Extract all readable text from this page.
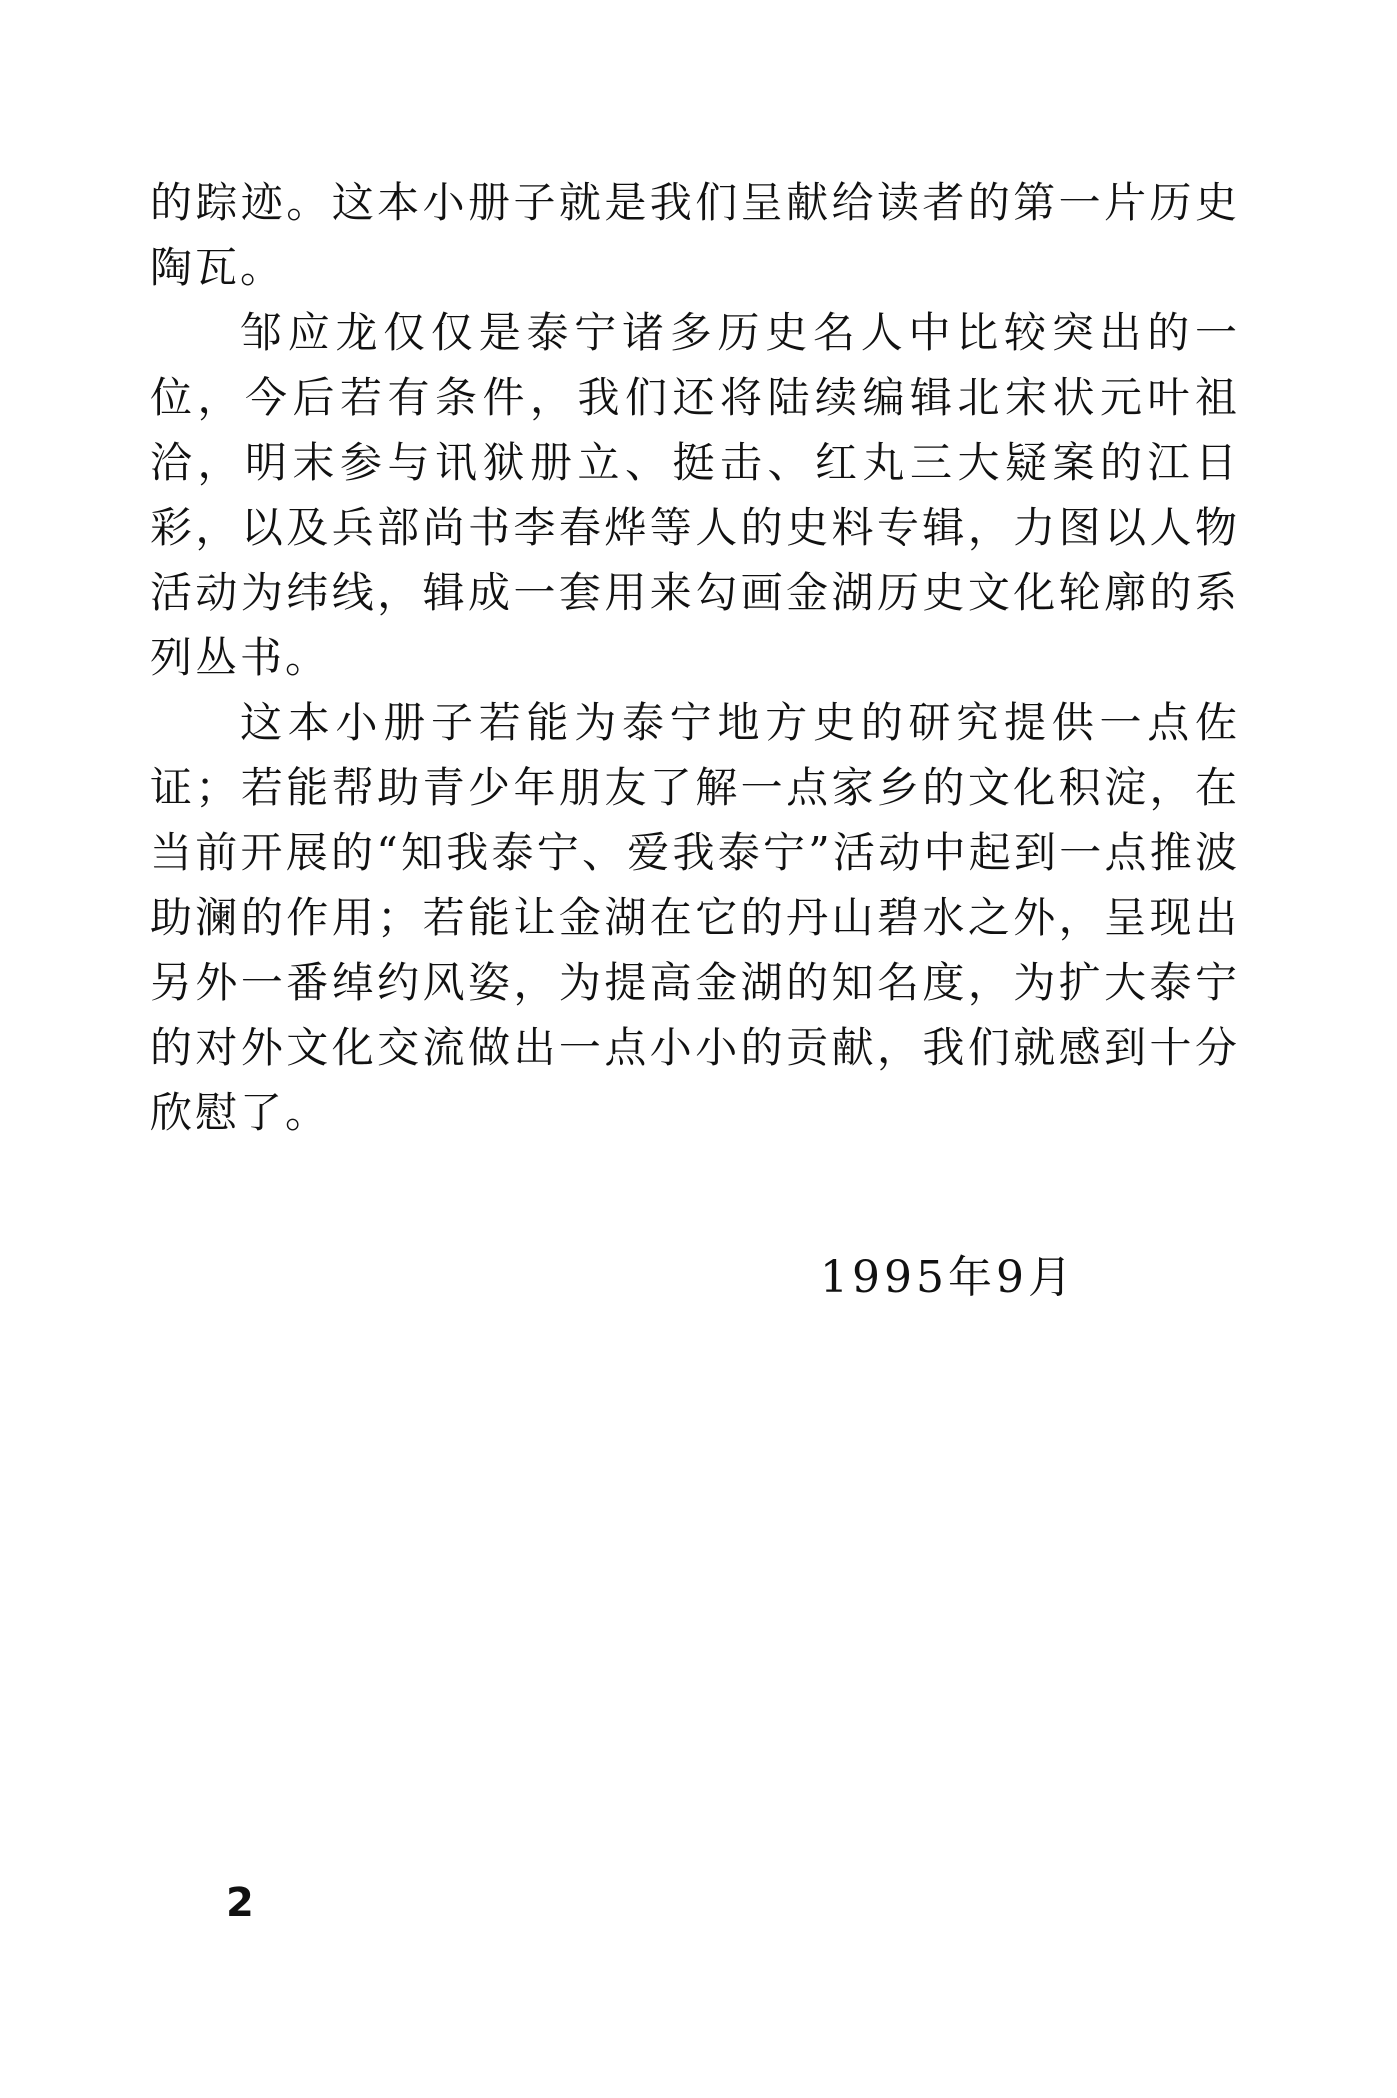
的踪迹。这本小册子就是我们呈献给读者的第一片历史陶瓦。

邹应龙仅仅是泰宁诸多历史名人中比较突出的一位，今后若有条件，我们还将陆续编辑北宋状元叶祖洽，明末参与讯狱册立、挺击、红丸三大疑案的江日彩，以及兵部尚书李春烨等人的史料专辑，力图以人物活动为纬线，辑成一套用来勾画金湖历史文化轮廓的系列丛书。

这本小册子若能为泰宁地方史的研究提供一点佐证；若能帮助青少年朋友了解一点家乡的文化积淀，在当前开展的“知我泰宁、爱我泰宁”活动中起到一点推波助澜的作用；若能让金湖在它的丹山碧水之外，呈现出另外一番绰约风姿，为提高金湖的知名度，为扩大泰宁的对外文化交流做出一点小小的贡献，我们就感到十分欣慰了。

1995年9月
2
